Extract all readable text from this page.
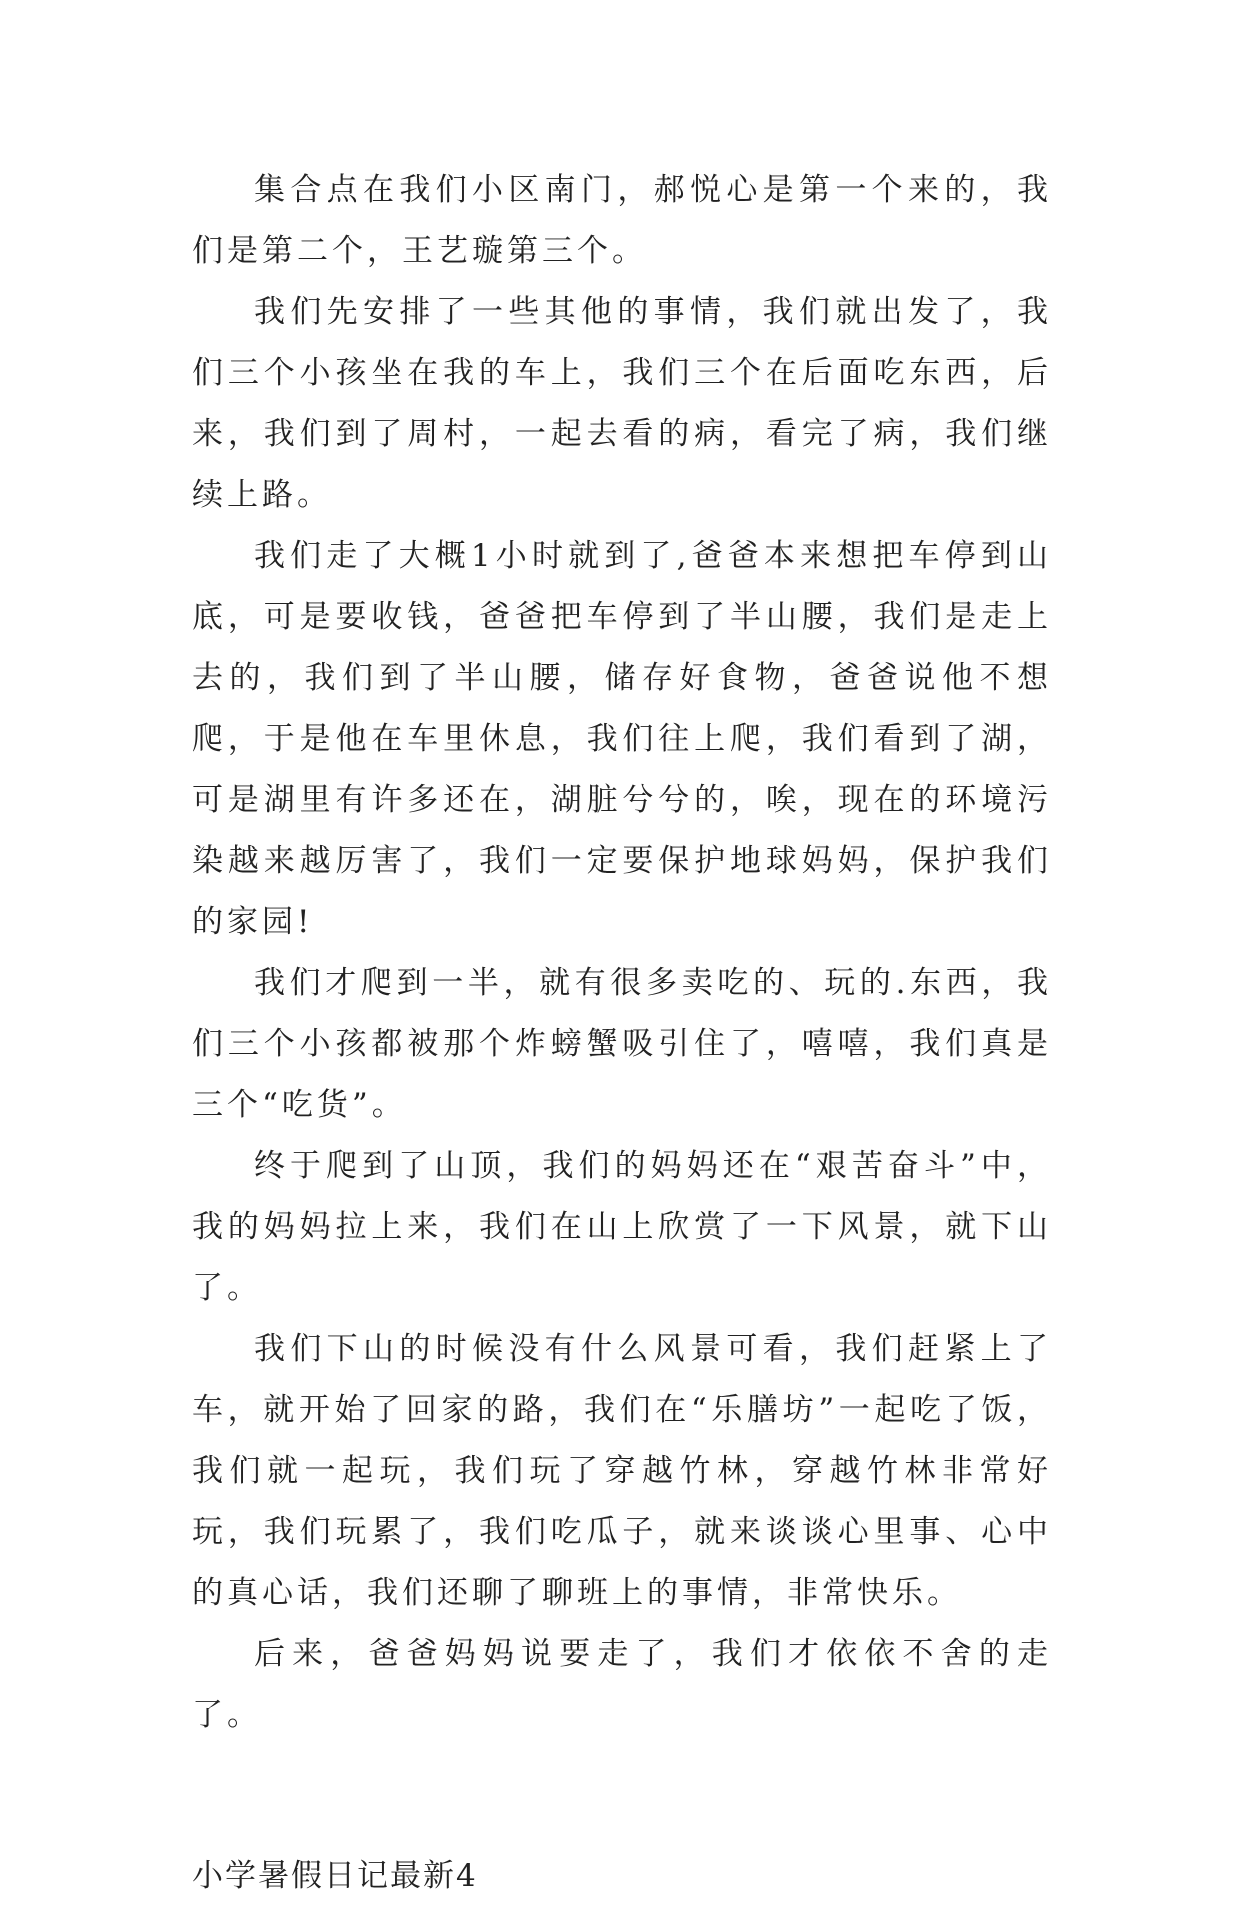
集合点在我们小区南门，郝悦心是第一个来的，我们是第二个，王艺璇第三个。

我们先安排了一些其他的事情，我们就出发了，我们三个小孩坐在我的车上，我们三个在后面吃东西，后来，我们到了周村，一起去看的病，看完了病，我们继续上路。

我们走了大概1小时就到了,爸爸本来想把车停到山底，可是要收钱，爸爸把车停到了半山腰，我们是走上去的，我们到了半山腰，储存好食物，爸爸说他不想爬，于是他在车里休息，我们往上爬，我们看到了湖，可是湖里有许多还在，湖脏兮兮的，唉，现在的环境污染越来越厉害了，我们一定要保护地球妈妈，保护我们的家园!

我们才爬到一半，就有很多卖吃的、玩的.东西，我们三个小孩都被那个炸螃蟹吸引住了，嘻嘻，我们真是三个“吃货”。

终于爬到了山顶，我们的妈妈还在“艰苦奋斗”中，我的妈妈拉上来，我们在山上欣赏了一下风景，就下山了。

我们下山的时候没有什么风景可看，我们赶紧上了车，就开始了回家的路，我们在“乐膳坊”一起吃了饭，我们就一起玩，我们玩了穿越竹林，穿越竹林非常好玩，我们玩累了，我们吃瓜子，就来谈谈心里事、心中的真心话，我们还聊了聊班上的事情，非常快乐。

后来，爸爸妈妈说要走了，我们才依依不舍的走了。

小学暑假日记最新4
